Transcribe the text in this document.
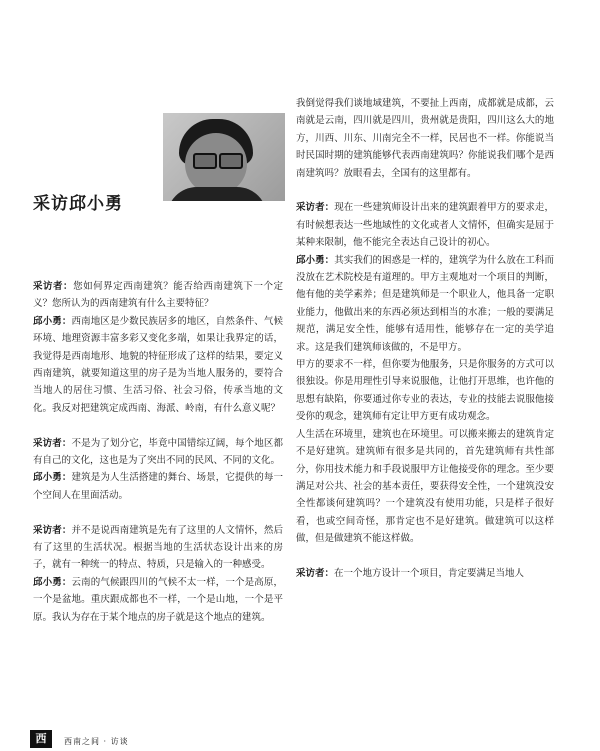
采访邱小勇

采访者：您如何界定西南建筑？能否给西南建筑下一个定义？您所认为的西南建筑有什么主要特征？

邱小勇：西南地区是少数民族居多的地区，自然条件、气候环境、地理资源丰富多彩又变化多端，如果让我界定的话，我觉得是西南地形、地貌的特征形成了这样的结果，要定义西南建筑，就要知道这里的房子是为当地人服务的，要符合当地人的居住习惯、生活习俗、社会习俗，传承当地的文化。我反对把建筑定成西南、海派、岭南，有什么意义呢？

采访者：不是为了划分它，毕竟中国错综辽阔，每个地区都有自己的文化，这也是为了突出不同的民风、不同的文化。

邱小勇：建筑是为人生活搭建的舞台、场景，它提供的每一个空间人在里面活动。

采访者：并不是说西南建筑是先有了这里的人文情怀，然后有了这里的生活状况。根据当地的生活状态设计出来的房子，就有一种统一的特点、特质，只是输入的一种感受。

邱小勇：云南的气候跟四川的气候不太一样，一个是高原，一个是盆地。重庆跟成都也不一样，一个是山地，一个是平原。我认为存在于某个地点的房子就是这个地点的建筑。

我倒觉得我们谈地域建筑，不要扯上西南，成都就是成都，云南就是云南，四川就是四川，贵州就是贵阳，四川这么大的地方，川西、川东、川南完全不一样，民居也不一样。你能说当时民国时期的建筑能够代表西南建筑吗？你能说我们哪个是西南建筑吗？放眼看去，全国有的这里都有。

采访者：现在一些建筑师设计出来的建筑跟着甲方的要求走，有时候想表达一些地域性的文化或者人文情怀，但确实是屈于某种来限制，他不能完全表达自己设计的初心。

邱小勇：其实我们的困惑是一样的，建筑学为什么放在工科而没放在艺术院校是有道理的。甲方主观地对一个项目的判断，他有他的美学素养；但是建筑师是一个职业人，他具备一定职业能力，他做出来的东西必须达到相当的水准；一般的要满足规范，满足安全性，能够有适用性，能够存在一定的美学追求。这是我们建筑师该做的，不是甲方。

甲方的要求不一样，但你要为他服务，只是你服务的方式可以很独设。你是用理性引导来说服他，让他打开思维，也许他的思想有缺陷，你要通过你专业的表达，专业的技能去说服他接受你的观念，建筑师有定让甲方更有成功观念。

人生活在环境里，建筑也在环境里。可以搬来搬去的建筑肯定不是好建筑。建筑师有很多是共同的，首先建筑师有共性部分，你用技术能力和手段说服甲方让他接受你的理念。至少要满足对公共、社会的基本责任，要获得安全性，一个建筑没安全性都谈何建筑吗？一个建筑没有使用功能，只是样子很好看，也或空间奇怪，那肯定也不是好建筑。做建筑可以这样做，但是做建筑不能这样做。

采访者：在一个地方设计一个项目，肯定要满足当地人

西	西南之间 · 访谈
